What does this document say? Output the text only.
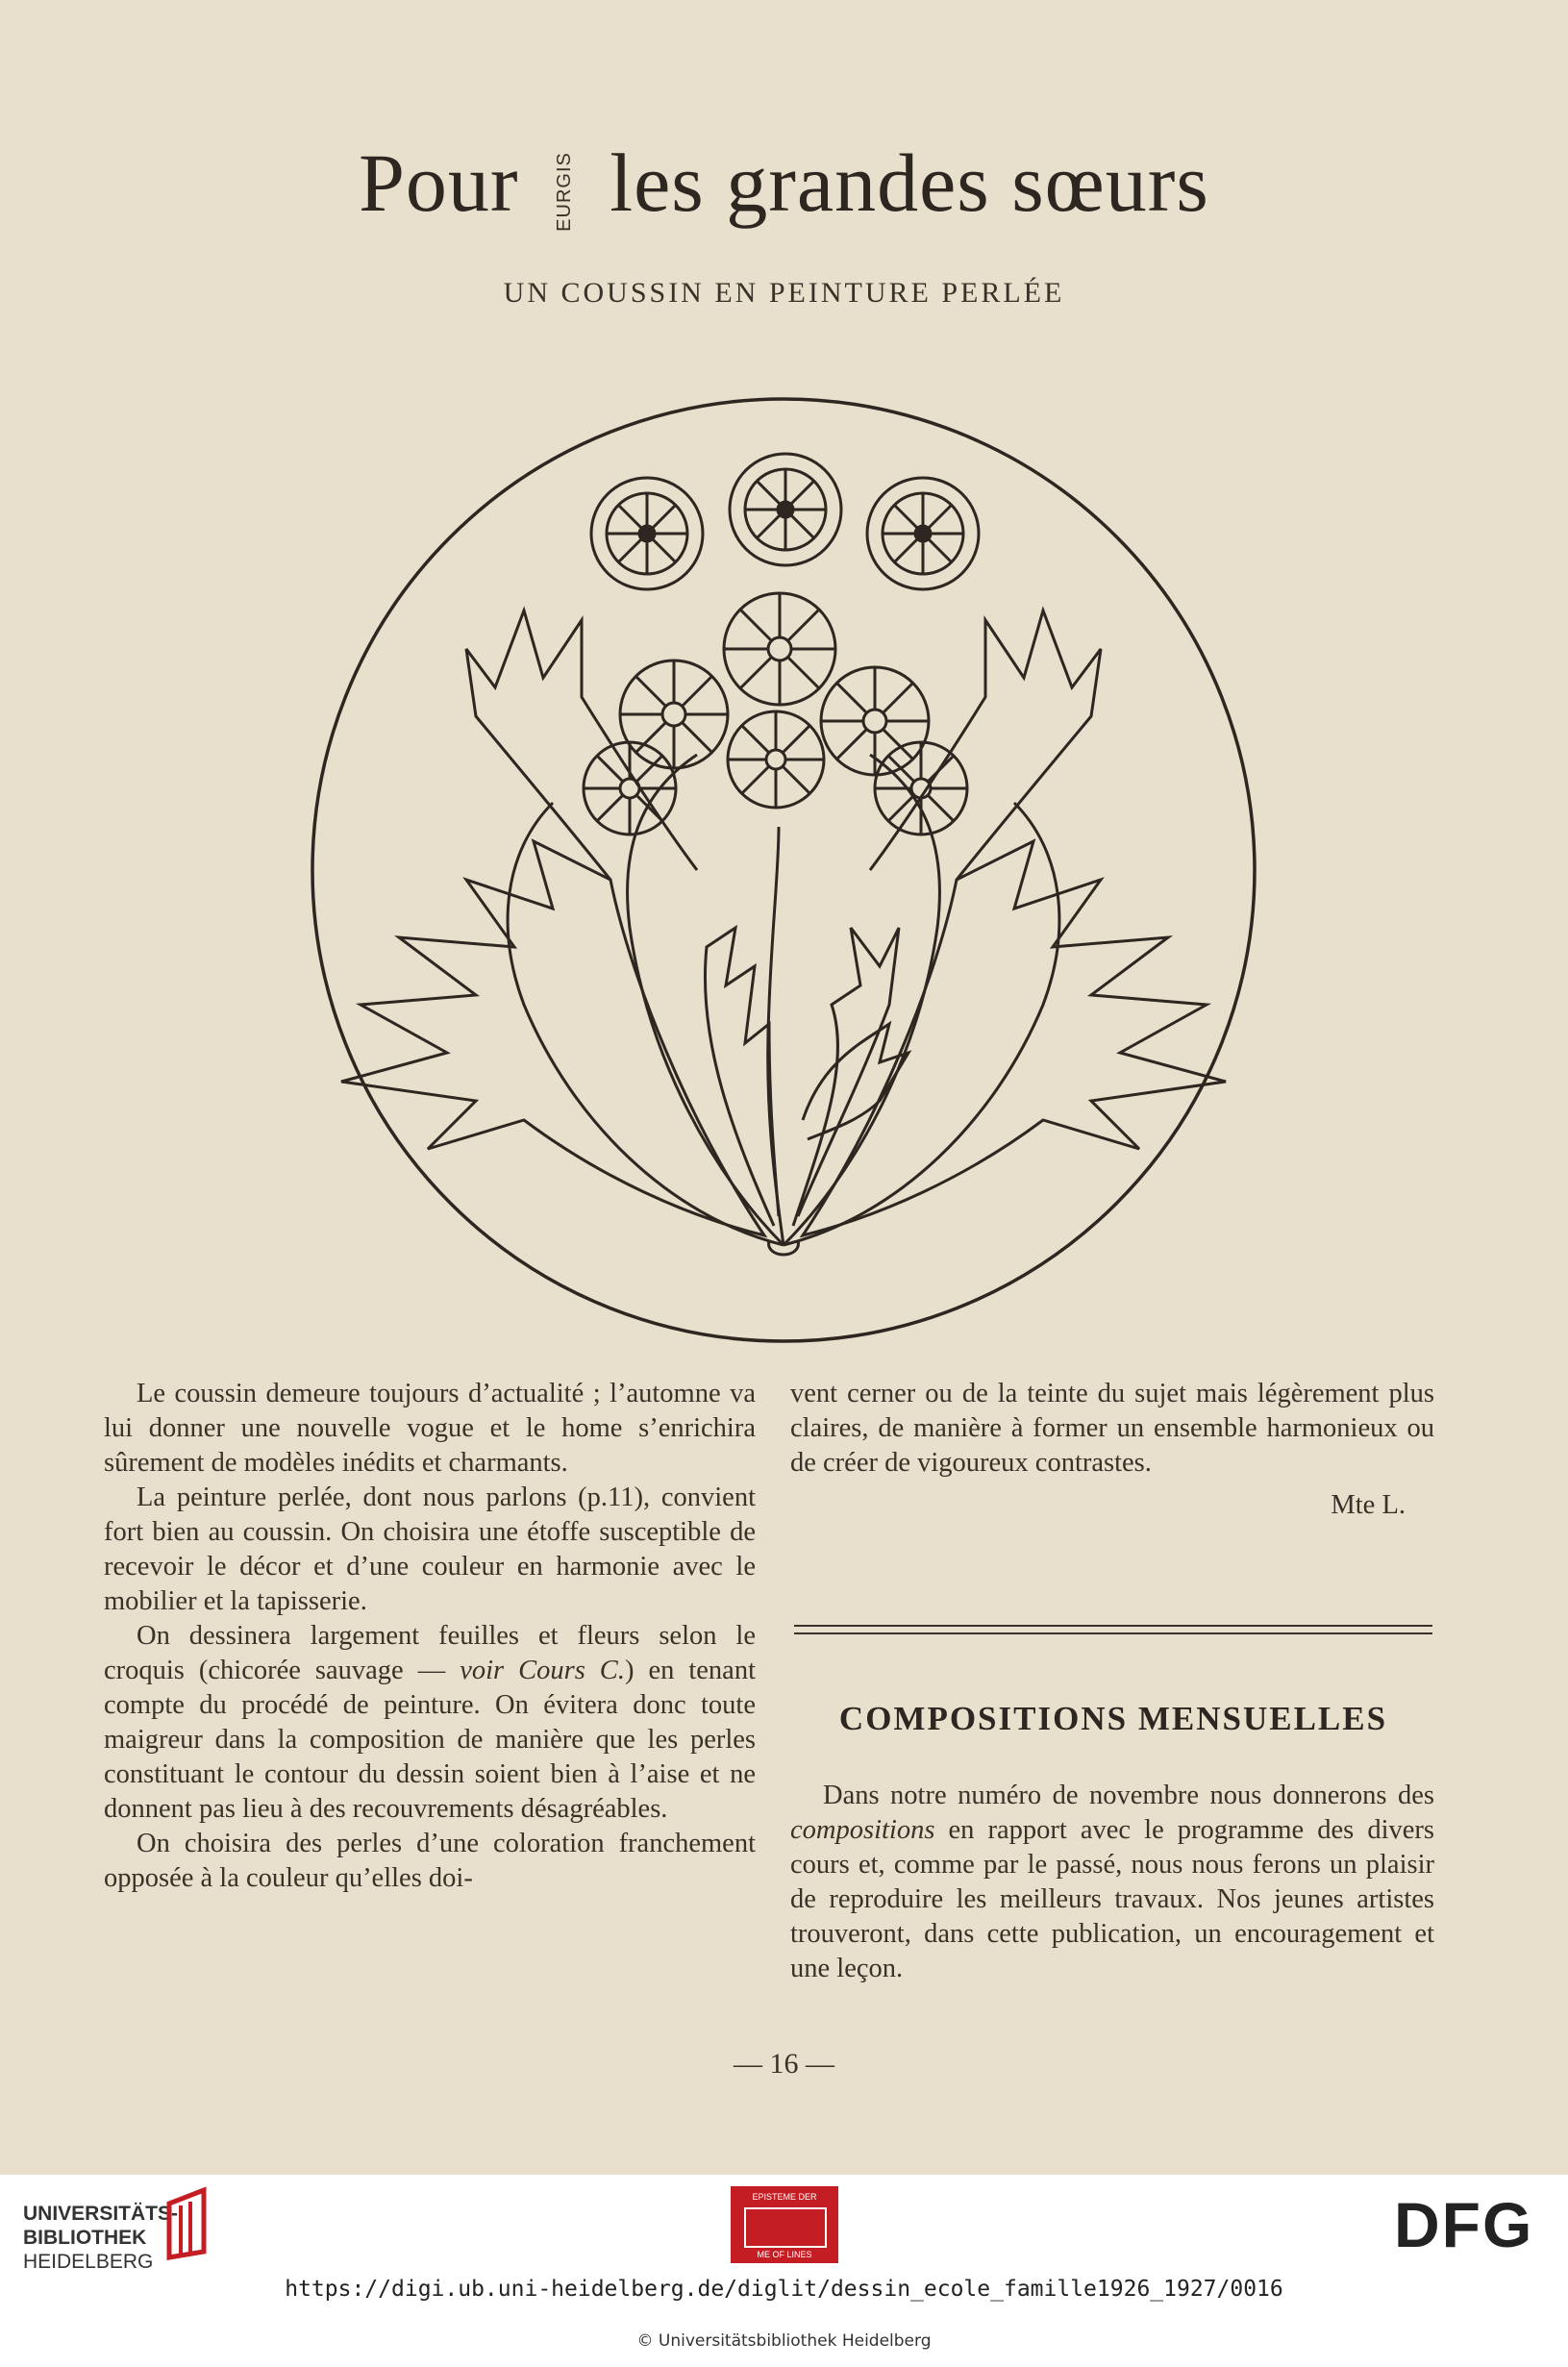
Pour EURGIS les grandes sœurs
UN COUSSIN EN PEINTURE PERLÉE

Le coussin demeure toujours d’actualité ; l’automne va lui donner une nouvelle vogue et le home s’enrichira sûrement de modèles inédits et charmants.

La peinture perlée, dont nous parlons (p.11), convient fort bien au coussin. On choisira une étoffe susceptible de recevoir le décor et d’une couleur en harmonie avec le mobilier et la tapisserie.

On dessinera largement feuilles et fleurs selon le croquis (chicorée sauvage — voir Cours C.) en tenant compte du procédé de peinture. On évitera donc toute maigreur dans la composition de manière que les perles constituant le contour du dessin soient bien à l’aise et ne donnent pas lieu à des recouvrements désagréables.

On choisira des perles d’une coloration franchement opposée à la couleur qu’elles doi-

vent cerner ou de la teinte du sujet mais légèrement plus claires, de manière à former un ensemble harmonieux ou de créer de vigoureux contrastes.

Mte L.
COMPOSITIONS MENSUELLES

Dans notre numéro de novembre nous donnerons des compositions en rapport avec le programme des divers cours et, comme par le passé, nous nous ferons un plaisir de reproduire les meilleurs travaux. Nos jeunes artistes trouveront, dans cette publication, un encouragement et une leçon.

— 16 —
UNIVERSITÄTS-
BIBLIOTHEK
HEIDELBERG
EPISTEME DER
ME OF LINES	DFG
https://digi.ub.uni-heidelberg.de/diglit/dessin_ecole_famille1926_1927/0016
© Universitätsbibliothek Heidelberg
